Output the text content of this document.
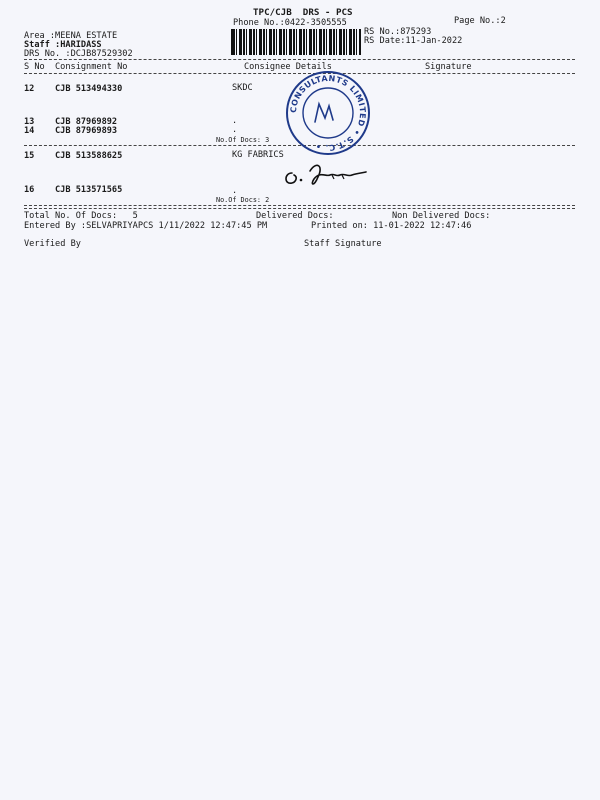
TPC/CJB  DRS - PCS
Phone No.:0422-3505555	Page No.:2
RS No.:875293
RS Date:11-Jan-2022
Area :MEENA ESTATE
Staff :HARIDASS
DRS No. :DCJB87529302
S No Consignment No	Consignee Details	Signature
12 CJB 513494330	SKDC
13 CJB 87969892
14 CJB 87969893
.
.
No.Of Docs: 3
15 CJB 513588625	KG FABRICS
16 CJB 513571565	.
No.Of Docs: 2
Total No. Of Docs:   5	Delivered Docs:	Non Delivered Docs:
Entered By :SELVAPRIYAPCS 1/11/2022 12:47:45 PM	Printed on: 11-01-2022 12:47:46
Verified By	Staff Signature
CONSULTANTS LIMITED • S.T.C. •
